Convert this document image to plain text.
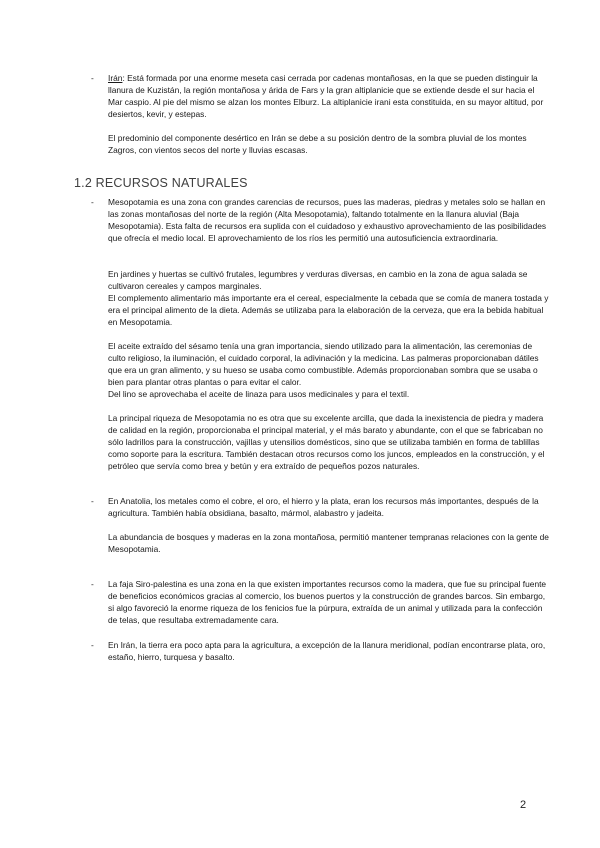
- Irán: Está formada por una enorme meseta casi cerrada por cadenas montañosas, en la que se pueden distinguir la llanura de Kuzistán, la región montañosa y árida de Fars y la gran altiplanicie que se extiende desde el sur hacia el Mar caspio. Al pie del mismo se alzan los montes Elburz. La altiplanicie irani esta constituida, en su mayor altitud, por desiertos, kevir, y estepas.

El predominio del componente desértico en Irán se debe a su posición dentro de la sombra pluvial de los montes Zagros, con vientos secos del norte y lluvias escasas.

1.2 RECURSOS NATURALES
- Mesopotamia es una zona con grandes carencias de recursos, pues las maderas, piedras y metales solo se hallan en las zonas montañosas del norte de la región (Alta Mesopotamia), faltando totalmente en la llanura aluvial (Baja Mesopotamia). Esta falta de recursos era suplida con el cuidadoso y exhaustivo aprovechamiento de las posibilidades que ofrecía el medio local. El aprovechamiento de los ríos les permitió una autosuficiencia extraordinaria.

En jardines y huertas se cultivó frutales, legumbres y verduras diversas, en cambio en la zona de agua salada se cultivaron cereales y campos marginales.

El complemento alimentario más importante era el cereal, especialmente la cebada que se comía de manera tostada y era el principal alimento de la dieta. Además se utilizaba para la elaboración de la cerveza, que era la bebida habitual en Mesopotamia.

El aceite extraído del sésamo tenía una gran importancia, siendo utilizado para la alimentación, las ceremonias de culto religioso, la iluminación, el cuidado corporal, la adivinación y la medicina. Las palmeras proporcionaban dátiles que era un gran alimento, y su hueso se usaba como combustible. Además proporcionaban sombra que se usaba o bien para plantar otras plantas o para evitar el calor.

Del lino se aprovechaba el aceite de linaza para usos medicinales y para el textil.

La principal riqueza de Mesopotamia no es otra que su excelente arcilla, que dada la inexistencia de piedra y madera de calidad en la región, proporcionaba el principal material, y el más barato y abundante, con el que se fabricaban no sólo ladrillos para la construcción, vajillas y utensilios domésticos, sino que se utilizaba también en forma de tablillas como soporte para la escritura. También destacan otros recursos como los juncos, empleados en la construcción, y el petróleo que servía como brea y betún y era extraído de pequeños pozos naturales.

- En Anatolia, los metales como el cobre, el oro, el hierro y la plata, eran los recursos más importantes, después de la agricultura. También había obsidiana, basalto, mármol, alabastro y jadeita.

La abundancia de bosques y maderas en la zona montañosa, permitió mantener tempranas relaciones con la gente de Mesopotamia.

- La faja Siro-palestina es una zona en la que existen importantes recursos como la madera, que fue su principal fuente de beneficios económicos gracias al comercio, los buenos puertos y la construcción de grandes barcos. Sin embargo, si algo favoreció la enorme riqueza de los fenicios fue la púrpura, extraída de un animal y utilizada para la confección de telas, que resultaba extremadamente cara.

- En Irán, la tierra era poco apta para la agricultura, a excepción de la llanura meridional, podían encontrarse plata, oro, estaño, hierro, turquesa y basalto.

2
